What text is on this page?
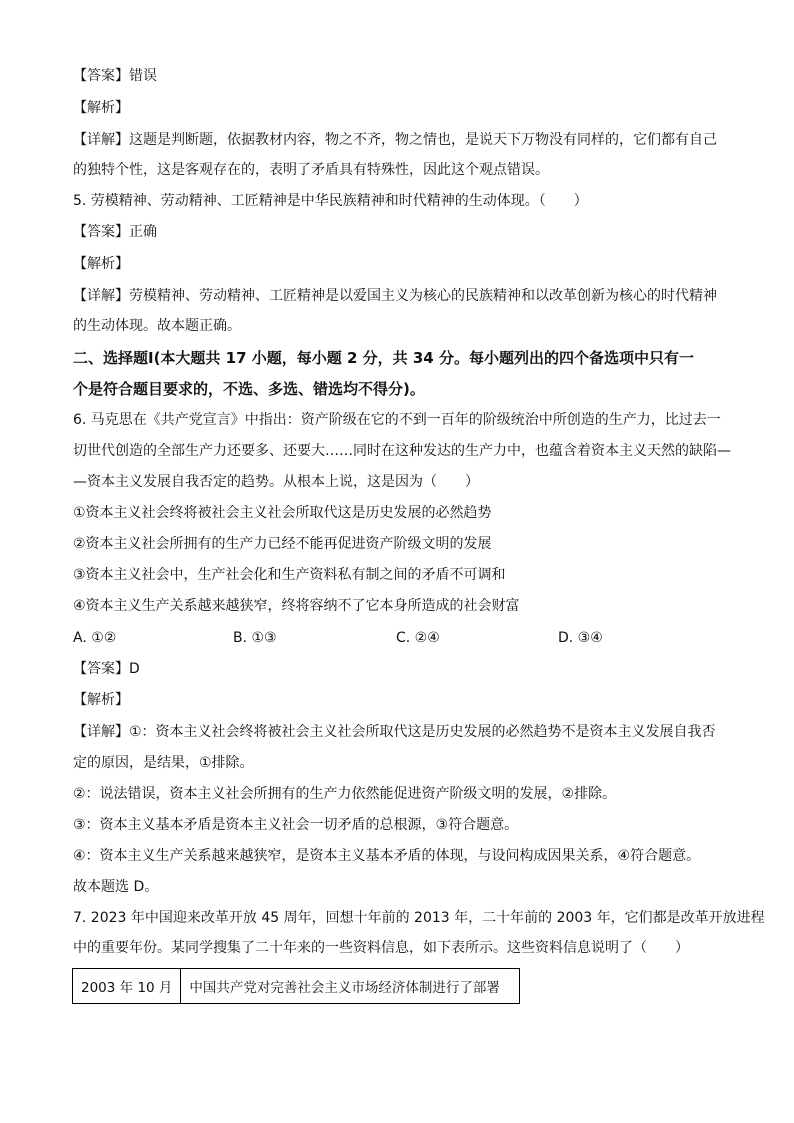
【答案】错误
【解析】
【详解】这题是判断题，依据教材内容，物之不齐，物之情也，是说天下万物没有同样的，它们都有自己
的独特个性，这是客观存在的，表明了矛盾具有特殊性，因此这个观点错误。
5. 劳模精神、劳动精神、工匠精神是中华民族精神和时代精神的生动体现。（　　）
【答案】正确
【解析】
【详解】劳模精神、劳动精神、工匠精神是以爱国主义为核心的民族精神和以改革创新为核心的时代精神
的生动体现。故本题正确。
二、选择题Ⅰ(本大题共 17 小题，每小题 2 分，共 34 分。每小题列出的四个备选项中只有一
个是符合题目要求的，不选、多选、错选均不得分)。
6. 马克思在《共产党宣言》中指出：资产阶级在它的不到一百年的阶级统治中所创造的生产力，比过去一
切世代创造的全部生产力还要多、还要大……同时在这种发达的生产力中，也蕴含着资本主义天然的缺陷—
—资本主义发展自我否定的趋势。从根本上说，这是因为（　　）
①资本主义社会终将被社会主义社会所取代这是历史发展的必然趋势
②资本主义社会所拥有的生产力已经不能再促进资产阶级文明的发展
③资本主义社会中，生产社会化和生产资料私有制之间的矛盾不可调和
④资本主义生产关系越来越狭窄，终将容纳不了它本身所造成的社会财富
A. ①②	B. ①③	C. ②④	D. ③④
【答案】D
【解析】
【详解】①：资本主义社会终将被社会主义社会所取代这是历史发展的必然趋势不是资本主义发展自我否
定的原因，是结果，①排除。
②：说法错误，资本主义社会所拥有的生产力依然能促进资产阶级文明的发展，②排除。
③：资本主义基本矛盾是资本主义社会一切矛盾的总根源，③符合题意。
④：资本主义生产关系越来越狭窄，是资本主义基本矛盾的体现，与设问构成因果关系，④符合题意。
故本题选 D。
7. 2023 年中国迎来改革开放 45 周年，回想十年前的 2013 年，二十年前的 2003 年，它们都是改革开放进程
中的重要年份。某同学搜集了二十年来的一些资料信息，如下表所示。这些资料信息说明了（　　）
2003 年 10 月	中国共产党对完善社会主义市场经济体制进行了部署
